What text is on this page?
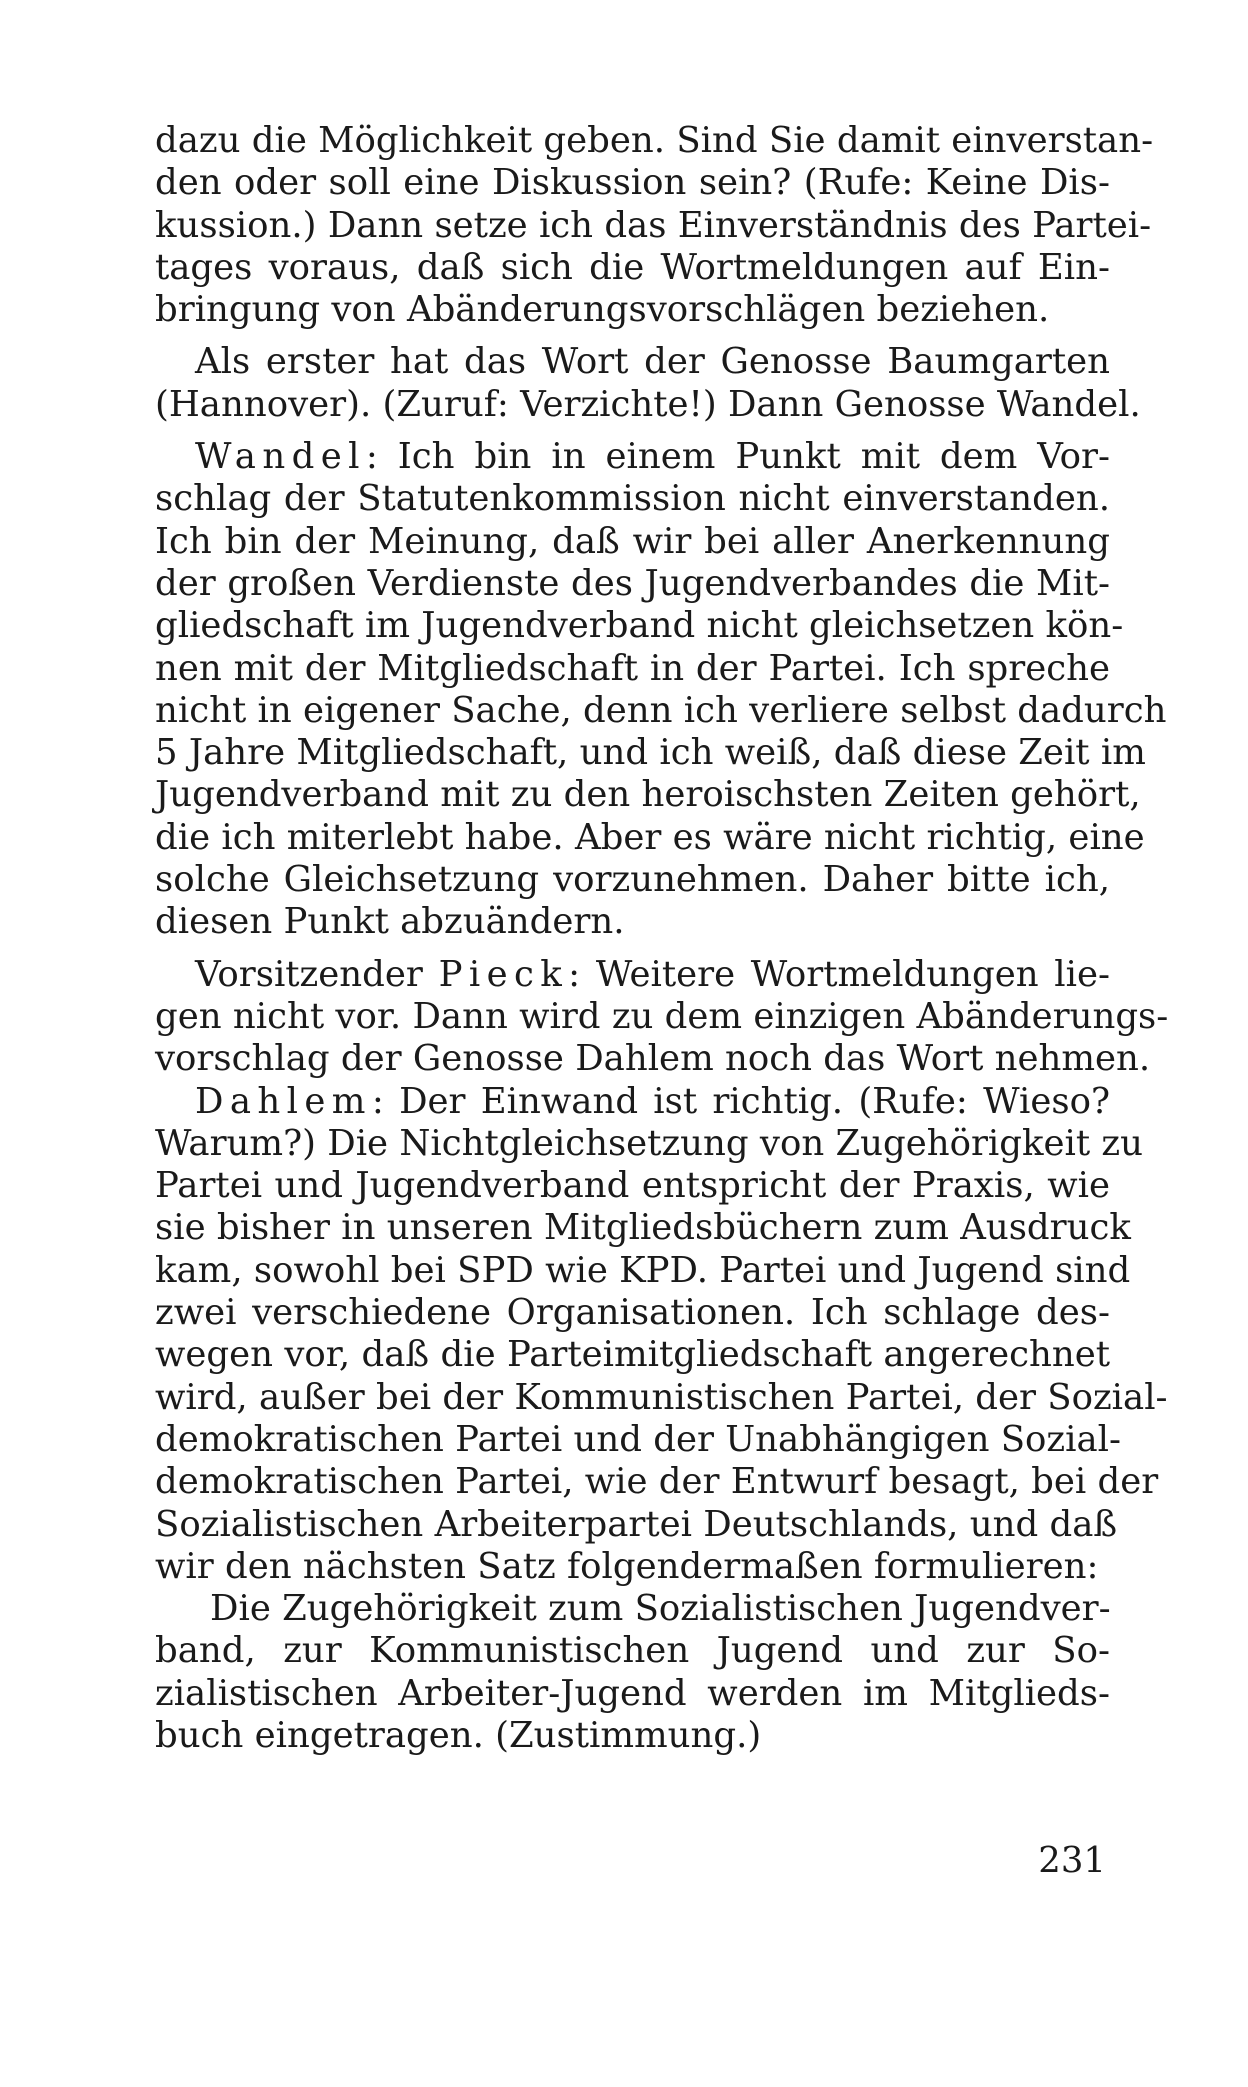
dazu die Möglichkeit geben. Sind Sie damit einverstan-
den oder soll eine Diskussion sein? (Rufe: Keine Dis-
kussion.) Dann setze ich das Einverständnis des Partei-
tages voraus, daß sich die Wortmeldungen auf Ein-
bringung von Abänderungsvorschlägen beziehen.
Als erster hat das Wort der Genosse Baumgarten
(Hannover). (Zuruf: Verzichte!) Dann Genosse Wandel.
Wandel: Ich bin in einem Punkt mit dem Vor-
schlag der Statutenkommission nicht einverstanden.
Ich bin der Meinung, daß wir bei aller Anerkennung
der großen Verdienste des Jugendverbandes die Mit-
gliedschaft im Jugendverband nicht gleichsetzen kön-
nen mit der Mitgliedschaft in der Partei. Ich spreche
nicht in eigener Sache, denn ich verliere selbst dadurch
5 Jahre Mitgliedschaft, und ich weiß, daß diese Zeit im
Jugendverband mit zu den heroischsten Zeiten gehört,
die ich miterlebt habe. Aber es wäre nicht richtig, eine
solche Gleichsetzung vorzunehmen. Daher bitte ich,
diesen Punkt abzuändern.
Vorsitzender Pieck: Weitere Wortmeldungen lie-
gen nicht vor. Dann wird zu dem einzigen Abänderungs-
vorschlag der Genosse Dahlem noch das Wort nehmen.
Dahlem: Der Einwand ist richtig. (Rufe: Wieso?
Warum?) Die Nichtgleichsetzung von Zugehörigkeit zu
Partei und Jugendverband entspricht der Praxis, wie
sie bisher in unseren Mitgliedsbüchern zum Ausdruck
kam, sowohl bei SPD wie KPD. Partei und Jugend sind
zwei verschiedene Organisationen. Ich schlage des-
wegen vor, daß die Parteimitgliedschaft angerechnet
wird, außer bei der Kommunistischen Partei, der Sozial-
demokratischen Partei und der Unabhängigen Sozial-
demokratischen Partei, wie der Entwurf besagt, bei der
Sozialistischen Arbeiterpartei Deutschlands, und daß
wir den nächsten Satz folgendermaßen formulieren:
Die Zugehörigkeit zum Sozialistischen Jugendver-
band, zur Kommunistischen Jugend und zur So-
zialistischen Arbeiter-Jugend werden im Mitglieds-
buch eingetragen. (Zustimmung.)
231
